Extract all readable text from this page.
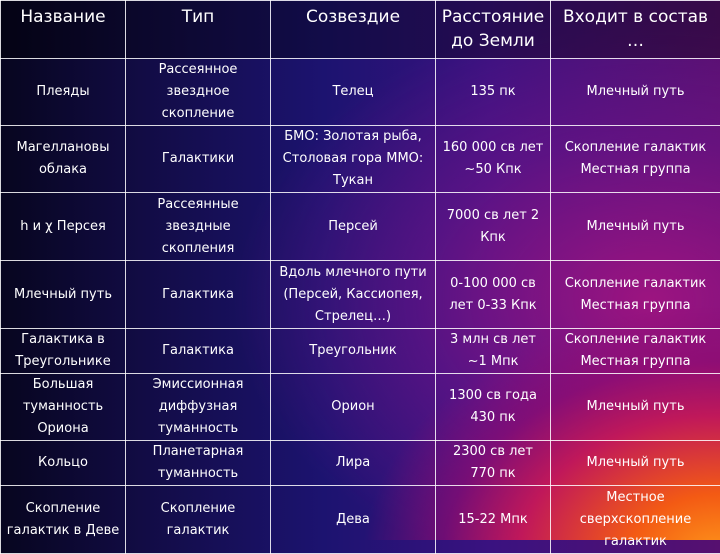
Название	Тип	Созвездие	Расстояние до Земли	Входит в состав …
Плеяды	Рассеянное звездное скопление	Телец	135 пк	Млечный путь
Магеллановы облака	Галактики	БМО: Золотая рыба, Столовая гора ММО: Тукан	160 000 св лет ~50 Кпк	Скопление галактик Местная группа
h и χ Персея	Рассеянные звездные скопления	Персей	7000 св лет 2 Кпк	Млечный путь
Млечный путь	Галактика	Вдоль млечного пути (Персей, Кассиопея, Стрелец…)	0-100 000 св лет 0-33 Кпк	Скопление галактик Местная группа
Галактика в Треугольнике	Галактика	Треугольник	3 млн св лет ~1 Мпк	Скопление галактик Местная группа
Большая туманность Ориона	Эмиссионная диффузная туманность	Орион	1300 св года 430 пк	Млечный путь
Кольцо	Планетарная туманность	Лира	2300 св лет 770 пк	Млечный путь
Скопление галактик в Деве	Скопление галактик	Дева	15-22 Мпк	Местное сверхскопление галактик
